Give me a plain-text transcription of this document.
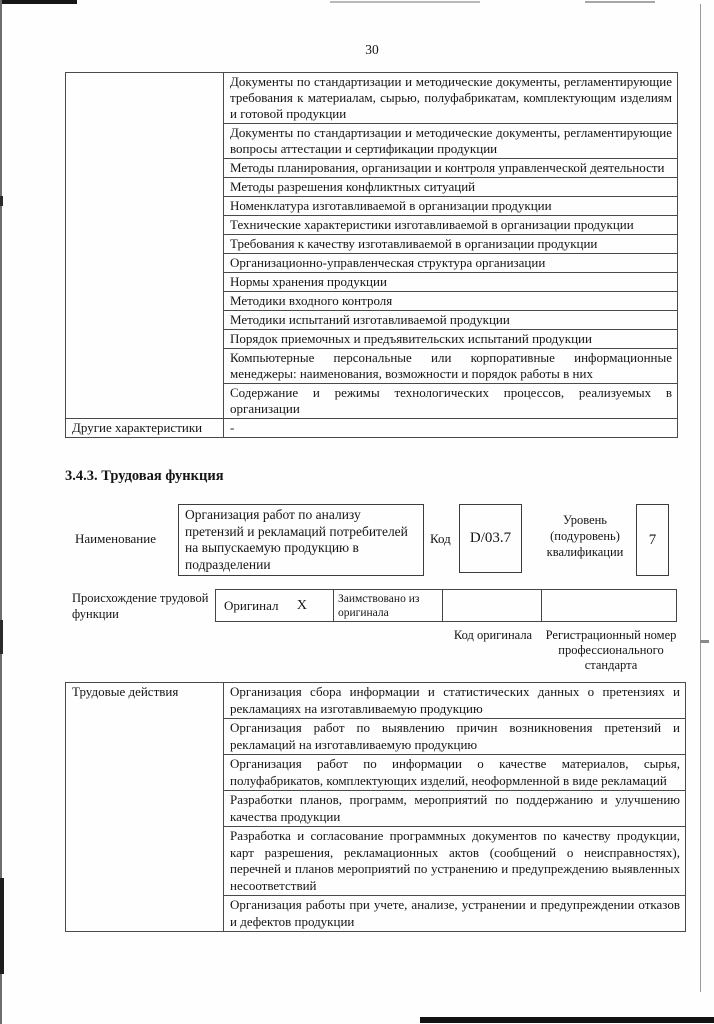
30
	Документы по стандартизации и методические документы, регламентирующие требования к материалам, сырью, полуфабрикатам, комплектующим изделиям и готовой продукции
	Документы по стандартизации и методические документы, регламентирующие вопросы аттестации и сертификации продукции
	Методы планирования, организации и контроля управленческой деятельности
	Методы разрешения конфликтных ситуаций
	Номенклатура изготавливаемой в организации продукции
	Технические характеристики изготавливаемой в организации продукции
	Требования к качеству изготавливаемой в организации продукции
	Организационно-управленческая структура организации
	Нормы хранения продукции
	Методики входного контроля
	Методики испытаний изготавливаемой продукции
	Порядок приемочных и предъявительских испытаний продукции
	Компьютерные персональные или корпоративные информационные менеджеры: наименования, возможности и порядок работы в них
	Содержание и режимы технологических процессов, реализуемых в организации
Другие характеристики	-
3.4.3. Трудовая функция
Наименование
Организация работ по анализу претензий и рекламаций потребителей на выпускаемую продукцию в подразделении
Код	D/03.7
Уровень (подуровень) квалификации
7
Происхождение трудовой функции
Оригинал X	Заимствовано из оригинала
Код оригинала	Регистрационный номер профессионального стандарта
Трудовые действия	Организация сбора информации и статистических данных о претензиях и рекламациях на изготавливаемую продукцию
Организация работ по выявлению причин возникновения претензий и рекламаций на изготавливаемую продукцию
Организация работ по информации о качестве материалов, сырья, полуфабрикатов, комплектующих изделий, неоформленной в виде рекламаций
Разработки планов, программ, мероприятий по поддержанию и улучшению качества продукции
Разработка и согласование программных документов по качеству продукции, карт разрешения, рекламационных актов (сообщений о неисправностях), перечней и планов мероприятий по устранению и предупреждению выявленных несоответствий
Организация работы при учете, анализе, устранении и предупреждении отказов и дефектов продукции
